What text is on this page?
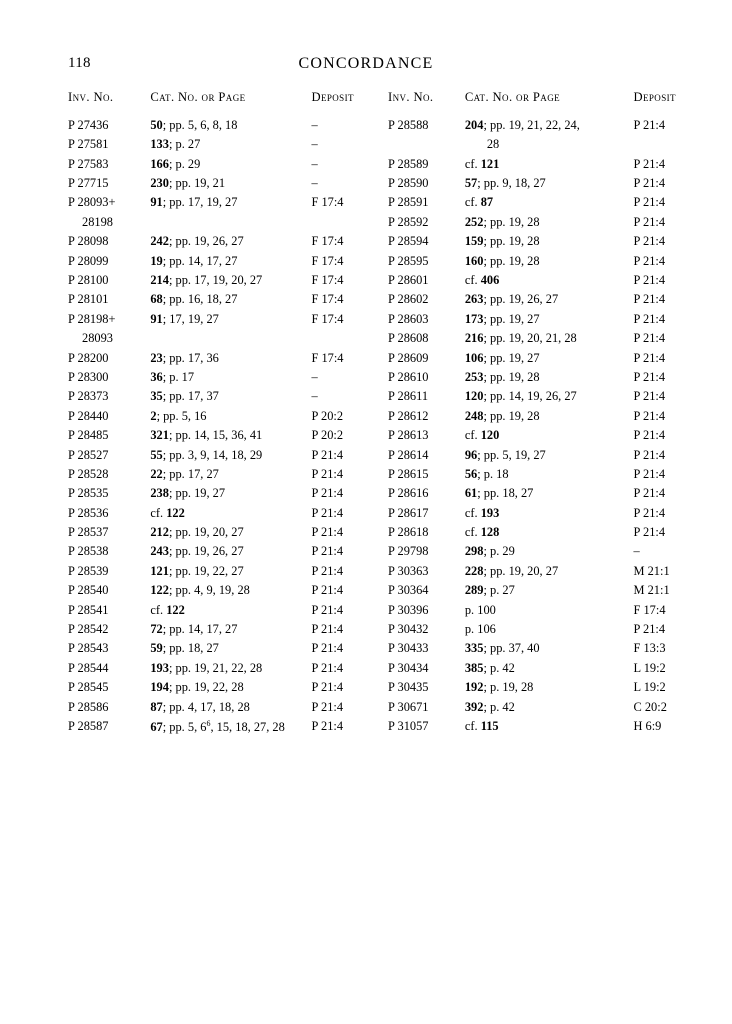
118	CONCORDANCE
Inv. No.	Cat. No. or Page	Deposit
P 27436	50; pp. 5, 6, 8, 18	–
P 27581	133; p. 27	–
P 27583	166; p. 29	–
P 27715	230; pp. 19, 21	–
P 28093+	91; pp. 17, 19, 27	F 17:4
28198		
P 28098	242; pp. 19, 26, 27	F 17:4
P 28099	19; pp. 14, 17, 27	F 17:4
P 28100	214; pp. 17, 19, 20, 27	F 17:4
P 28101	68; pp. 16, 18, 27	F 17:4
P 28198+	91; 17, 19, 27	F 17:4
28093		
P 28200	23; pp. 17, 36	F 17:4
P 28300	36; p. 17	–
P 28373	35; pp. 17, 37	–
P 28440	2; pp. 5, 16	P 20:2
P 28485	321; pp. 14, 15, 36, 41	P 20:2
P 28527	55; pp. 3, 9, 14, 18, 29	P 21:4
P 28528	22; pp. 17, 27	P 21:4
P 28535	238; pp. 19, 27	P 21:4
P 28536	cf. 122	P 21:4
P 28537	212; pp. 19, 20, 27	P 21:4
P 28538	243; pp. 19, 26, 27	P 21:4
P 28539	121; pp. 19, 22, 27	P 21:4
P 28540	122; pp. 4, 9, 19, 28	P 21:4
P 28541	cf. 122	P 21:4
P 28542	72; pp. 14, 17, 27	P 21:4
P 28543	59; pp. 18, 27	P 21:4
P 28544	193; pp. 19, 21, 22, 28	P 21:4
P 28545	194; pp. 19, 22, 28	P 21:4
P 28586	87; pp. 4, 17, 18, 28	P 21:4
P 28587	67; pp. 5, $6^6$, 15, 18, 27, 28	P 21:4
Inv. No.	Cat. No. or Page	Deposit
P 28588	204; pp. 19, 21, 22, 24,	P 21:4
	28	
P 28589	cf. 121	P 21:4
P 28590	57; pp. 9, 18, 27	P 21:4
P 28591	cf. 87	P 21:4
P 28592	252; pp. 19, 28	P 21:4
P 28594	159; pp. 19, 28	P 21:4
P 28595	160; pp. 19, 28	P 21:4
P 28601	cf. 406	P 21:4
P 28602	263; pp. 19, 26, 27	P 21:4
P 28603	173; pp. 19, 27	P 21:4
P 28608	216; pp. 19, 20, 21, 28	P 21:4
P 28609	106; pp. 19, 27	P 21:4
P 28610	253; pp. 19, 28	P 21:4
P 28611	120; pp. 14, 19, 26, 27	P 21:4
P 28612	248; pp. 19, 28	P 21:4
P 28613	cf. 120	P 21:4
P 28614	96; pp. 5, 19, 27	P 21:4
P 28615	56; p. 18	P 21:4
P 28616	61; pp. 18, 27	P 21:4
P 28617	cf. 193	P 21:4
P 28618	cf. 128	P 21:4
P 29798	298; p. 29	–
P 30363	228; pp. 19, 20, 27	M 21:1
P 30364	289; p. 27	M 21:1
P 30396	p. 100	F 17:4
P 30432	p. 106	P 21:4
P 30433	335; pp. 37, 40	F 13:3
P 30434	385; p. 42	L 19:2
P 30435	192; p. 19, 28	L 19:2
P 30671	392; p. 42	C 20:2
P 31057	cf. 115	H 6:9
